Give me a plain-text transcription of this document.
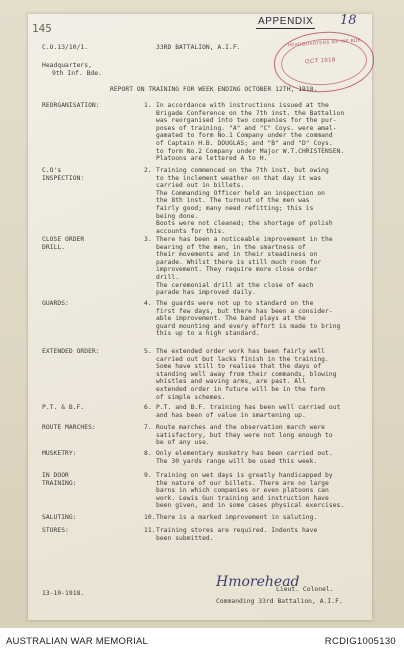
145
HEADQUARTERS 9th INF BDE
OCT 1918
APPENDIX 18
C.O.13/10/1.	33RD BATTALION, A.I.F.
Headquarters,
9th Inf. Bde.
REPORT ON TRAINING FOR WEEK ENDING OCTOBER 12TH, 1918.
REORGANISATION:	1. In accordance with instructions issued at the
Brigade Conference on the 7th inst. the Battalion
was reorganised into two companies for the pur-
poses of training. "A" and "C" Coys. were amal-
gamated to form No.1 Company under the command
of Captain H.B. DOUGLAS; and "B" and "D" Coys.
to form No.2 Company under Major W.T.CHRISTENSEN.
Platoons are lettered A to H.
C.O's
INSPECTION:
2. Training commenced on the 7th inst. but owing
to the inclement weather on that day it was
carried out in billets.
The Commanding Officer held an inspection on
the 8th inst. The turnout of the men was
fairly good; many need refitting; this is
being done.
Boots were not cleaned; the shortage of polish
accounts for this.
CLOSE ORDER
DRILL.
3. There has been a noticeable improvement in the
bearing of the men, in the smartness of
their movements and in their steadiness on
parade. Whilst there is still much room for
improvement. They require more close order
drill.
The ceremonial drill at the close of each
parade has improved daily.
GUARDS:	4. The guards were not up to standard on the
first few days, but there has been a consider-
able improvement. The band plays at the
guard mounting and every effort is made to bring
this up to a high standard.
EXTENDED ORDER:	5. The extended order work has been fairly well
carried out but lacks finish in the training.
Some have still to realise that the days of
standing well away from their commands, blowing
whistles and waving arms, are past. All
extended order in future will be in the form
of simple schemes.
P.T. & B.F.	6. P.T. and B.F. training has been well carried out
and has been of value in smartening up.
ROUTE MARCHES:	7. Route marches and the observation march were
satisfactory, but they were not long enough to
be of any use.
MUSKETRY:	8. Only elementary musketry has been carried out.
The 30 yards range will be used this week.
IN DOOR
TRAINING:
9. Training on wet days is greatly handicapped by
the nature of our billets. There are no large
barns in which companies or even platoons can
work. Lewis Gun training and instruction have
been given, and in some cases physical exercises.
SALUTING:	10. There is a marked improvement in saluting.
STORES:	11. Training stores are required. Indents have
been submitted.
Hmorehead
Lieut. Colonel.
Commanding 33rd Battalion, A.I.F.
13-10-1918.
AUSTRALIAN WAR MEMORIAL	RCDIG1005130
